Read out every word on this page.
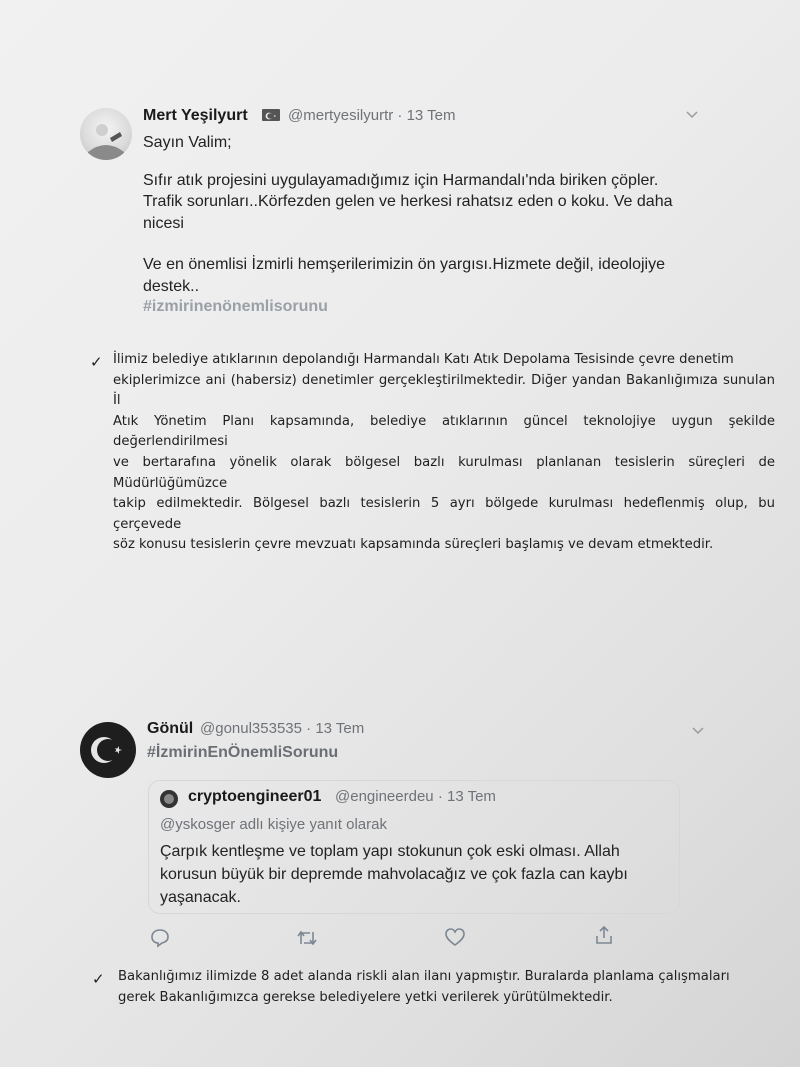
Mert Yeşilyurt	@mertyesilyurtr · 13 Tem
Sayın Valim;
Sıfır atık projesini uygulayamadığımız için Harmandalı'nda biriken çöpler.
Trafik sorunları..Körfezden gelen ve herkesi rahatsız eden o koku. Ve daha
nicesi
Ve en önemlisi İzmirli hemşerilerimizin ön yargısı.Hizmete değil, ideolojiye
destek..
#izmirinenönemlisorunu
✓ İlimiz belediye atıklarının depolandığı Harmandalı Katı Atık Depolama Tesisinde çevre denetim
ekiplerimizce ani (habersiz) denetimler gerçekleştirilmektedir. Diğer yandan Bakanlığımıza sunulan İl
Atık Yönetim Planı kapsamında, belediye atıklarının güncel teknolojiye uygun şekilde değerlendirilmesi
ve bertarafına yönelik olarak bölgesel bazlı kurulması planlanan tesislerin süreçleri de Müdürlüğümüzce
takip edilmektedir. Bölgesel bazlı tesislerin 5 ayrı bölgede kurulması hedeflenmiş olup, bu çerçevede
söz konusu tesislerin çevre mevzuatı kapsamında süreçleri başlamış ve devam etmektedir.
Gönül @gonul353535 · 13 Tem
#İzmirinEnÖnemliSorunu
cryptoengineer01 @engineerdeu · 13 Tem
@yskosger adlı kişiye yanıt olarak
Çarpık kentleşme ve toplam yapı stokunun çok eski olması. Allah
korusun büyük bir depremde mahvolacağız ve çok fazla can kaybı
yaşanacak.
✓ Bakanlığımız ilimizde 8 adet alanda riskli alan ilanı yapmıştır. Buralarda planlama çalışmaları
gerek Bakanlığımızca gerekse belediyelere yetki verilerek yürütülmektedir.
